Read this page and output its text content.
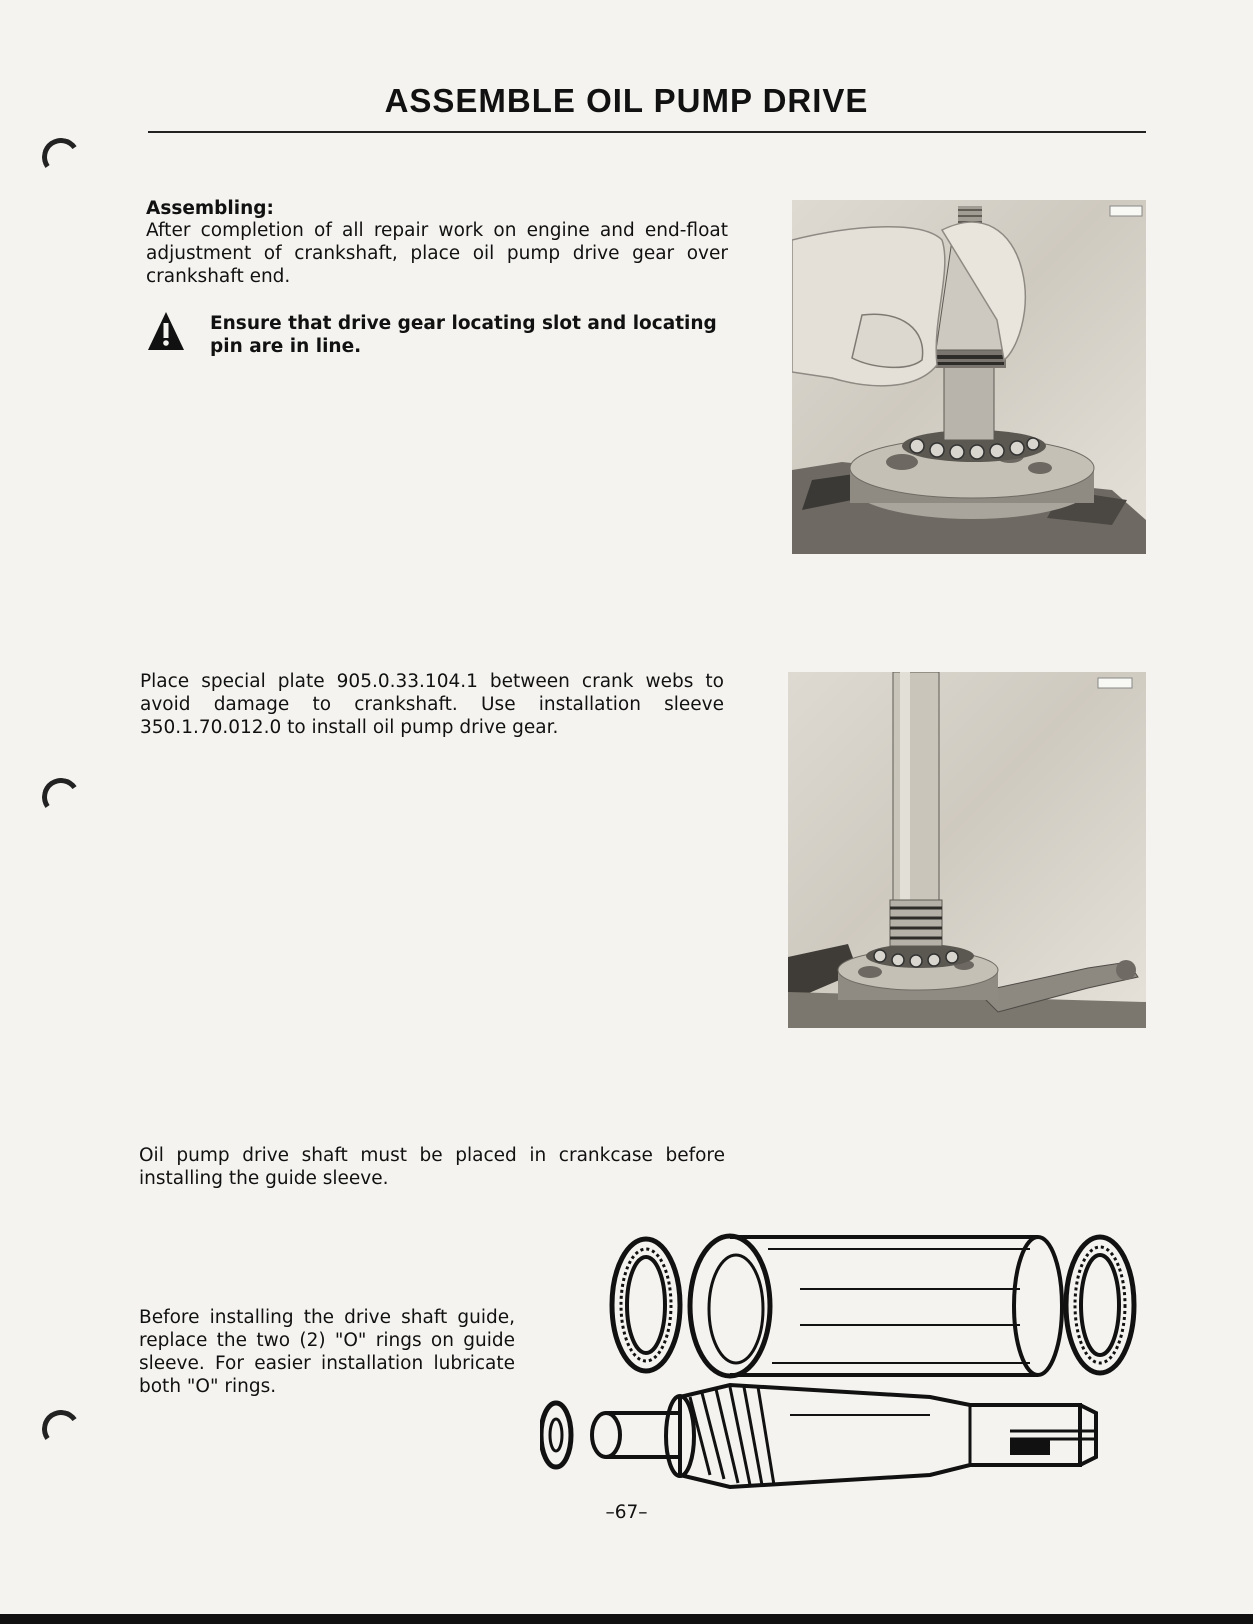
ASSEMBLE OIL PUMP DRIVE
Assembling:
After completion of all repair work on engine and end-float adjustment of crankshaft, place oil pump drive gear over crankshaft end.
Ensure that drive gear locating slot and locating pin are in line.
Place special plate 905.0.33.104.1 between crank webs to avoid damage to crankshaft. Use installation sleeve 350.1.70.012.0 to install oil pump drive gear.
Oil pump drive shaft must be placed in crankcase before installing the guide sleeve.
Before installing the drive shaft guide, replace the two (2) "O" rings on guide sleeve. For easier installation lubricate both "O" rings.
–67–
